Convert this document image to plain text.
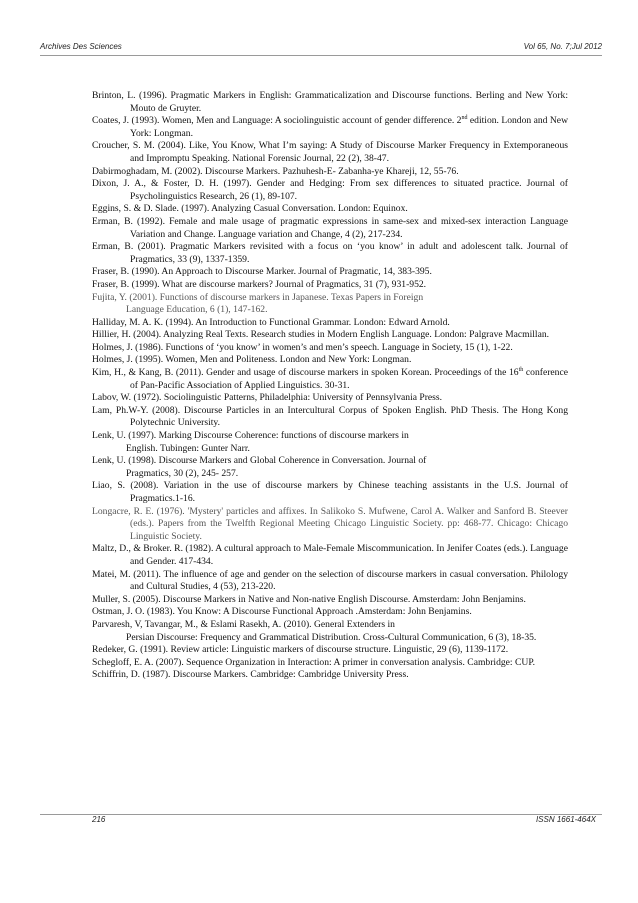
Archives Des Sciences	Vol 65, No. 7;Jul 2012

Brinton, L. (1996). Pragmatic Markers in English: Grammaticalization and Discourse functions. Berling and New York: Mouto de Gruyter.

Coates, J. (1993). Women, Men and Language: A sociolinguistic account of gender difference. 2nd edition. London and New York: Longman.

Croucher, S. M. (2004). Like, You Know, What I’m saying: A Study of Discourse Marker Frequency in Extemporaneous and Impromptu Speaking. National Forensic Journal, 22 (2), 38-47.

Dabirmoghadam, M. (2002). Discourse Markers. Pazhuhesh-E- Zabanha-ye Khareji, 12, 55-76.

Dixon, J. A., & Foster, D. H. (1997). Gender and Hedging: From sex differences to situated practice. Journal of Psycholinguistics Research, 26 (1), 89-107.

Eggins, S. & D. Slade. (1997). Analyzing Casual Conversation. London: Equinox.

Erman, B. (1992). Female and male usage of pragmatic expressions in same-sex and mixed-sex interaction Language Variation and Change. Language variation and Change, 4 (2), 217-234.

Erman, B. (2001). Pragmatic Markers revisited with a focus on ‘you know’ in adult and adolescent talk. Journal of Pragmatics, 33 (9), 1337-1359.

Fraser, B. (1990). An Approach to Discourse Marker. Journal of Pragmatic, 14, 383-395.

Fraser, B. (1999). What are discourse markers? Journal of Pragmatics, 31 (7), 931-952.

Fujita, Y. (2001). Functions of discourse markers in Japanese. Texas Papers in Foreign
Language Education, 6 (1), 147-162.

Halliday, M. A. K. (1994). An Introduction to Functional Grammar. London: Edward Arnold.

Hillier, H. (2004). Analyzing Real Texts. Research studies in Modern English Language. London: Palgrave Macmillan.

Holmes, J. (1986). Functions of ‘you know’ in women’s and men’s speech. Language in Society, 15 (1), 1-22.

Holmes, J. (1995). Women, Men and Politeness. London and New York: Longman.

Kim, H., & Kang, B. (2011). Gender and usage of discourse markers in spoken Korean. Proceedings of the 16th conference of Pan-Pacific Association of Applied Linguistics. 30-31.

Labov, W. (1972). Sociolinguistic Patterns, Philadelphia: University of Pennsylvania Press.

Lam, Ph.W-Y. (2008). Discourse Particles in an Intercultural Corpus of Spoken English. PhD Thesis. The Hong Kong Polytechnic University.

Lenk, U. (1997). Marking Discourse Coherence: functions of discourse markers in
English. Tubingen: Gunter Narr.

Lenk, U. (1998). Discourse Markers and Global Coherence in Conversation. Journal of
Pragmatics, 30 (2), 245- 257.

Liao, S. (2008). Variation in the use of discourse markers by Chinese teaching assistants in the U.S. Journal of Pragmatics.1-16.

Longacre, R. E. (1976). 'Mystery' particles and affixes. In Salikoko S. Mufwene, Carol A. Walker and Sanford B. Steever (eds.). Papers from the Twelfth Regional Meeting Chicago Linguistic Society. pp: 468-77. Chicago: Chicago Linguistic Society.

Maltz, D., & Broker. R. (1982). A cultural approach to Male-Female Miscommunication. In Jenifer Coates (eds.). Language and Gender. 417-434.

Matei, M. (2011). The influence of age and gender on the selection of discourse markers in casual conversation. Philology and Cultural Studies, 4 (53), 213-220.

Muller, S. (2005). Discourse Markers in Native and Non-native English Discourse. Amsterdam: John Benjamins.

Ostman, J. O. (1983). You Know: A Discourse Functional Approach .Amsterdam: John Benjamins.

Parvaresh, V, Tavangar, M., & Eslami Rasekh, A. (2010). General Extenders in
Persian Discourse: Frequency and Grammatical Distribution. Cross-Cultural Communication, 6 (3), 18-35.

Redeker, G. (1991). Review article: Linguistic markers of discourse structure. Linguistic, 29 (6), 1139-1172.

Schegloff, E. A. (2007). Sequence Organization in Interaction: A primer in conversation analysis. Cambridge: CUP.

Schiffrin, D. (1987). Discourse Markers. Cambridge: Cambridge University Press.

216	ISSN 1661-464X
